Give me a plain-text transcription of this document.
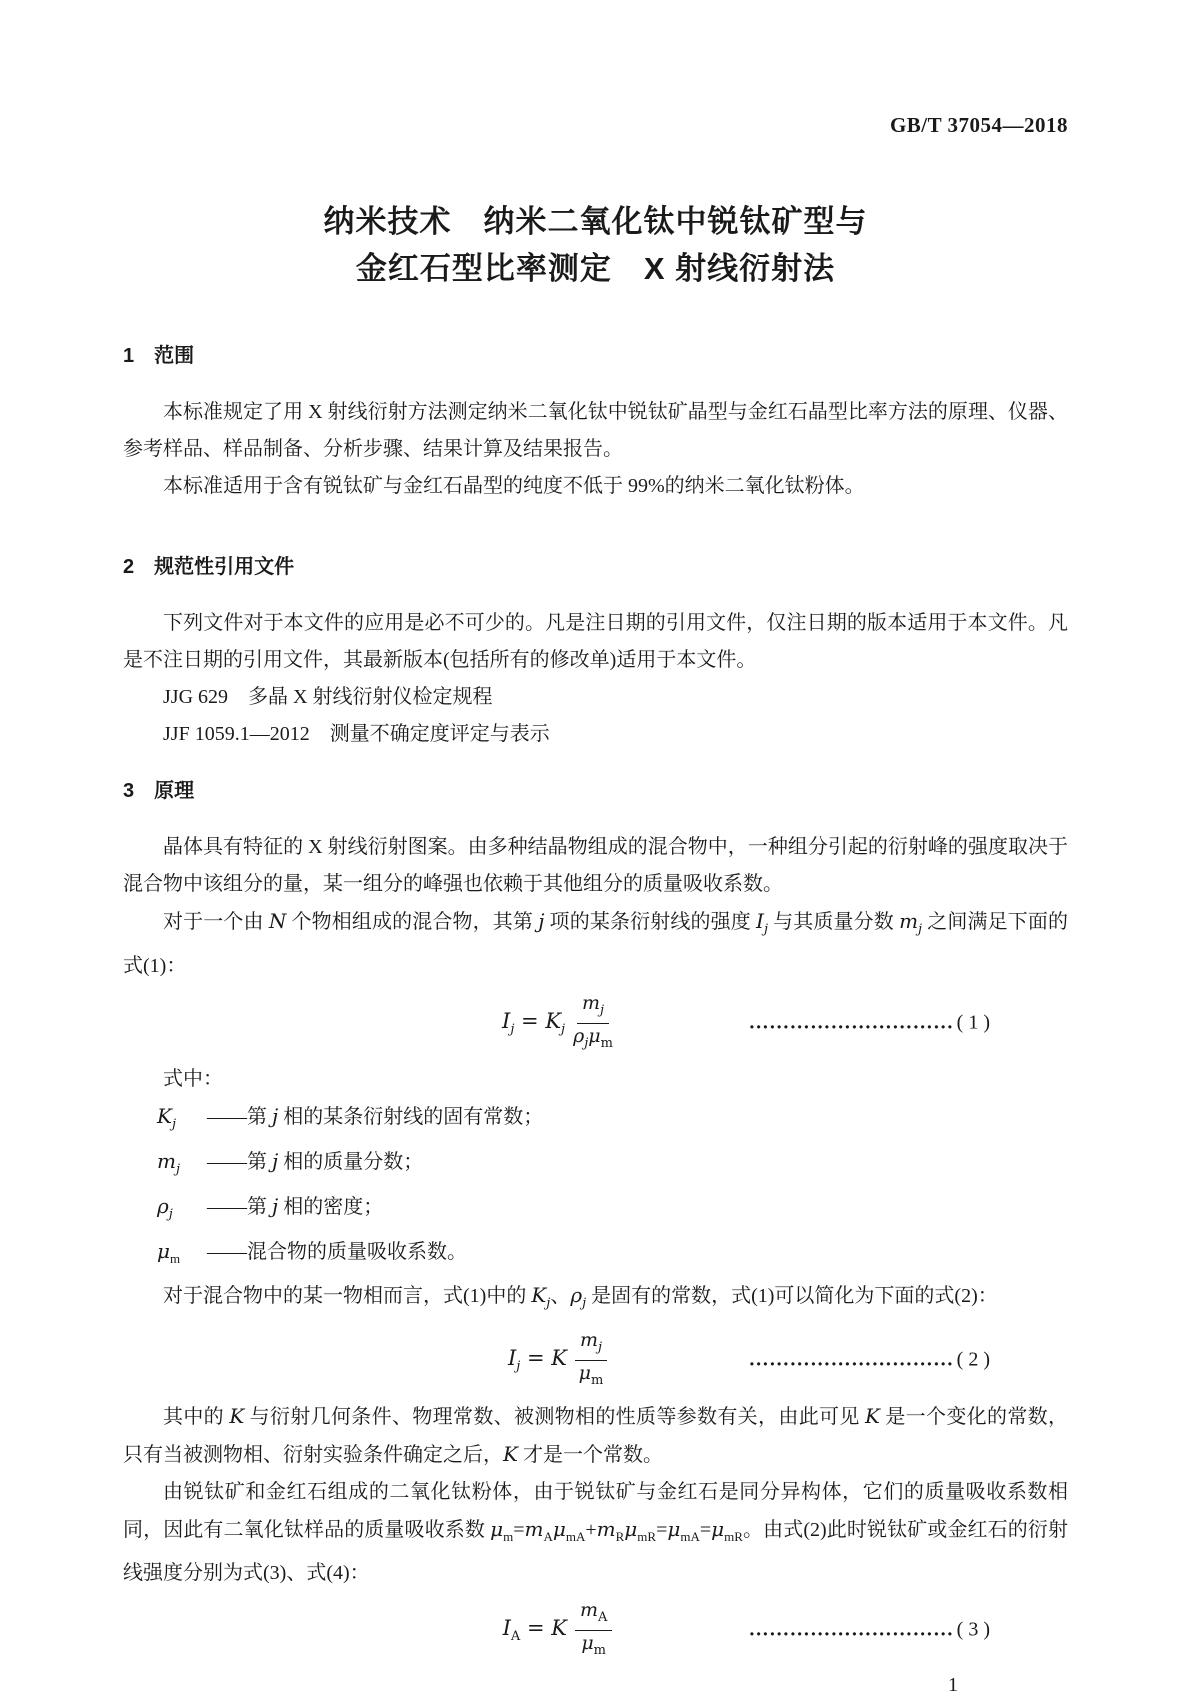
GB/T 37054—2018
纳米技术　纳米二氧化钛中锐钛矿型与
金红石型比率测定　X 射线衍射法
1 范围

本标准规定了用 X 射线衍射方法测定纳米二氧化钛中锐钛矿晶型与金红石晶型比率方法的原理、仪器、参考样品、样品制备、分析步骤、结果计算及结果报告。

本标准适用于含有锐钛矿与金红石晶型的纯度不低于 99%的纳米二氧化钛粉体。

2 规范性引用文件

下列文件对于本文件的应用是必不可少的。凡是注日期的引用文件，仅注日期的版本适用于本文件。凡是不注日期的引用文件，其最新版本(包括所有的修改单)适用于本文件。

JJG 629 多晶 X 射线衍射仪检定规程

JJF 1059.1—2012 测量不确定度评定与表示

3 原理

晶体具有特征的 X 射线衍射图案。由多种结晶物组成的混合物中，一种组分引起的衍射峰的强度取决于混合物中该组分的量，某一组分的峰强也依赖于其他组分的质量吸收系数。

对于一个由 N 个物相组成的混合物，其第 j 项的某条衍射线的强度 $I_j$ 与其质量分数 $m_j$ 之间满足下面的式(1)：

$I_j = K_j \frac{m_j}{\rho_j\mu_m}$	………………………… ( 1 )

式中：

$K_j$ ——第 j 相的某条衍射线的固有常数；
$m_j$ ——第 j 相的质量分数；
$\rho_j$ ——第 j 相的密度；
$\mu_m$ ——混合物的质量吸收系数。

对于混合物中的某一物相而言，式(1)中的 $K_j$、$\rho_j$ 是固有的常数，式(1)可以简化为下面的式(2)：

$I_j = K \frac{m_j}{\mu_m}$	………………………… ( 2 )

其中的 K 与衍射几何条件、物理常数、被测物相的性质等参数有关，由此可见 K 是一个变化的常数，只有当被测物相、衍射实验条件确定之后，K 才是一个常数。

由锐钛矿和金红石组成的二氧化钛粉体，由于锐钛矿与金红石是同分异构体，它们的质量吸收系数相同，因此有二氧化钛样品的质量吸收系数 $\mu_m=m_A\mu_{mA}+m_R\mu_{mR}=\mu_{mA}=\mu_{mR}$。由式(2)此时锐钛矿或金红石的衍射线强度分别为式(3)、式(4)：

$I_A = K \frac{m_A}{\mu_m}$	………………………… ( 3 )
1
